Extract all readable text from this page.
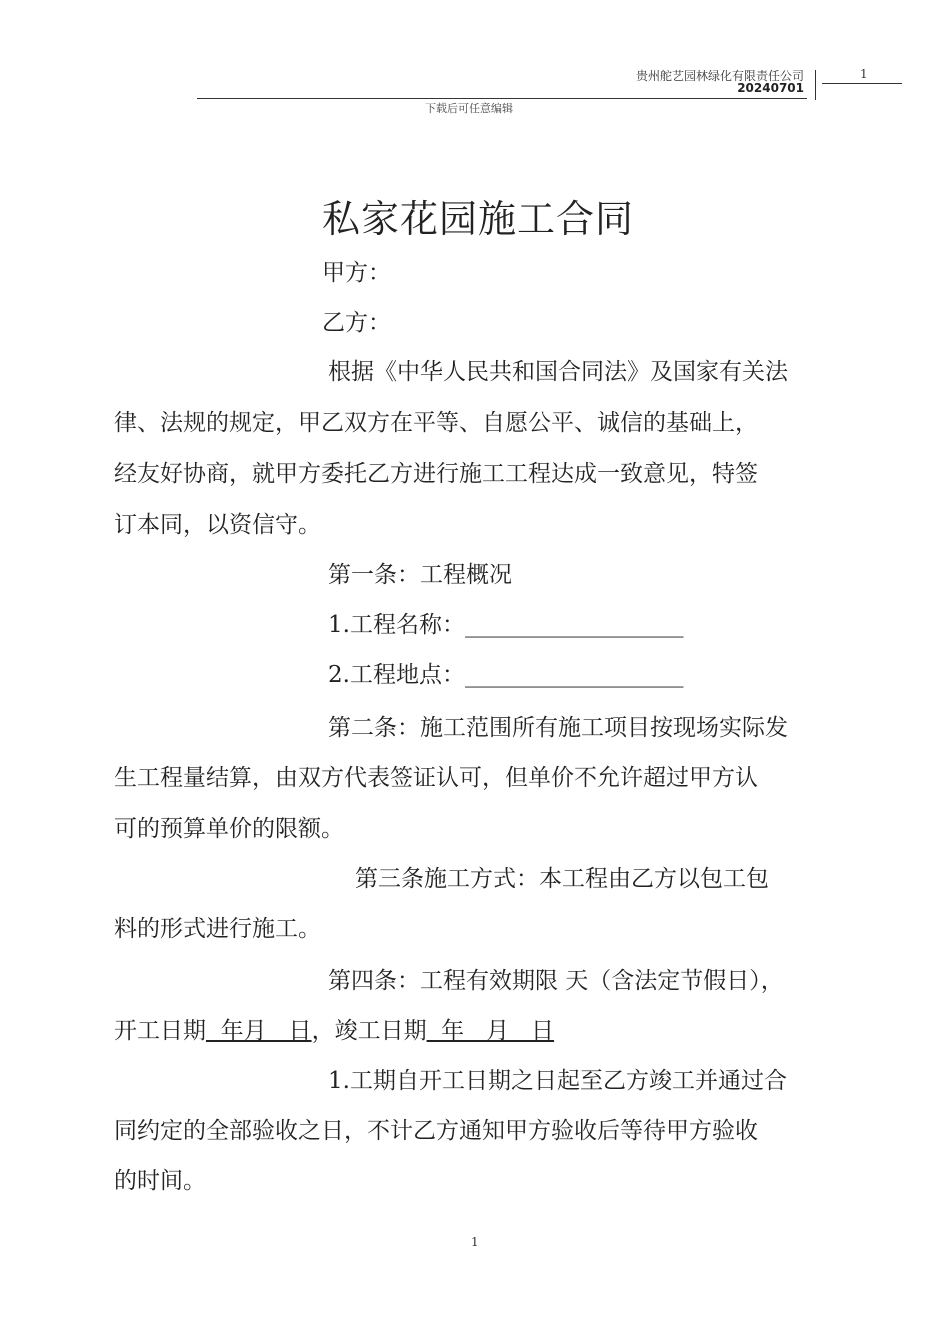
贵州舵艺园林绿化有限责任公司
20240701
1
下载后可任意编辑
私家花园施工合同
甲方：
乙方：
根据《中华人民共和国合同法》及国家有关法
律、法规的规定，甲乙双方在平等、自愿公平、诚信的基础上，
经友好协商，就甲方委托乙方进行施工工程达成一致意见，特签
订本同，以资信守。
第一条：工程概况
1.工程名称：___________________
2.工程地点：___________________
第二条：施工范围所有施工项目按现场实际发
生工程量结算，由双方代表签证认可，但单价不允许超过甲方认
可的预算单价的限额。
第三条施工方式：本工程由乙方以包工包
料的形式进行施工。
第四条：工程有效期限 天（含法定节假日），
开工日期  年月   日，竣工日期  年   月   日
1.工期自开工日期之日起至乙方竣工并通过合
同约定的全部验收之日，不计乙方通知甲方验收后等待甲方验收
的时间。
1
